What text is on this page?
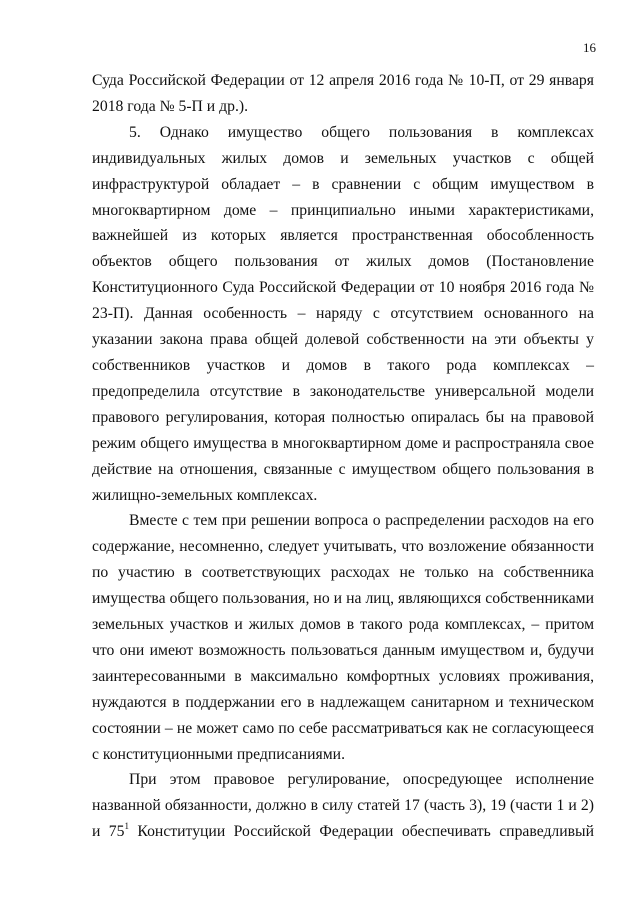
16

Суда Российской Федерации от 12 апреля 2016 года № 10-П, от 29 января 2018 года № 5-П и др.).

5. Однако имущество общего пользования в комплексах индивидуальных жилых домов и земельных участков с общей инфраструктурой обладает – в сравнении с общим имуществом в многоквартирном доме – принципиально иными характеристиками, важнейшей из которых является пространственная обособленность объектов общего пользования от жилых домов (Постановление Конституционного Суда Российской Федерации от 10 ноября 2016 года № 23-П). Данная особенность – наряду с отсутствием основанного на указании закона права общей долевой собственности на эти объекты у собственников участков и домов в такого рода комплексах – предопределила отсутствие в законодательстве универсальной модели правового регулирования, которая полностью опиралась бы на правовой режим общего имущества в многоквартирном доме и распространяла свое действие на отношения, связанные с имуществом общего пользования в жилищно-земельных комплексах.

Вместе с тем при решении вопроса о распределении расходов на его содержание, несомненно, следует учитывать, что возложение обязанности по участию в соответствующих расходах не только на собственника имущества общего пользования, но и на лиц, являющихся собственниками земельных участков и жилых домов в такого рода комплексах, – притом что они имеют возможность пользоваться данным имуществом и, будучи заинтересованными в максимально комфортных условиях проживания, нуждаются в поддержании его в надлежащем санитарном и техническом состоянии – не может само по себе рассматриваться как не согласующееся с конституционными предписаниями.

При этом правовое регулирование, опосредующее исполнение названной обязанности, должно в силу статей 17 (часть 3), 19 (части 1 и 2) и $75^1$ Конституции Российской Федерации обеспечивать справедливый
